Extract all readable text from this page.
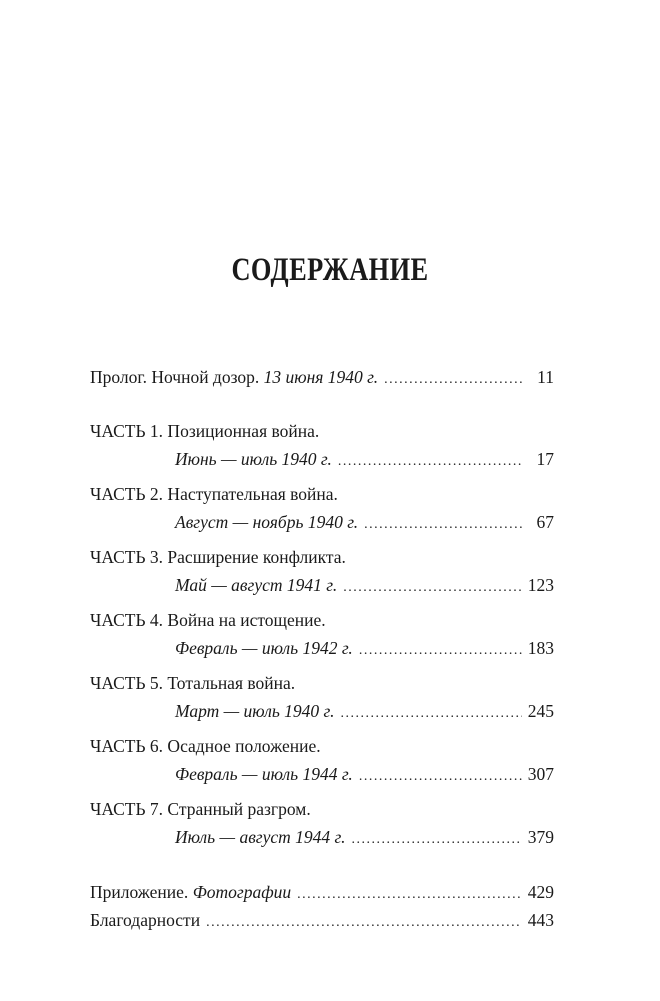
СОДЕРЖАНИЕ
Пролог. Ночной дозор. 13 июня 1940 г. .....	11
ЧАСТЬ 1. Позиционная война.
Июнь — июль 1940 г. .....	17
ЧАСТЬ 2. Наступательная война.
Август — ноябрь 1940 г. .....	67
ЧАСТЬ 3. Расширение конфликта.
Май — август 1941 г. .....	123
ЧАСТЬ 4. Война на истощение.
Февраль — июль 1942 г. .....	183
ЧАСТЬ 5. Тотальная война.
Март — июль 1940 г. .....	245
ЧАСТЬ 6. Осадное положение.
Февраль — июль 1944 г. .....	307
ЧАСТЬ 7. Странный разгром.
Июль — август 1944 г. .....	379
Приложение. Фотографии .....	429
Благодарности .....	443
